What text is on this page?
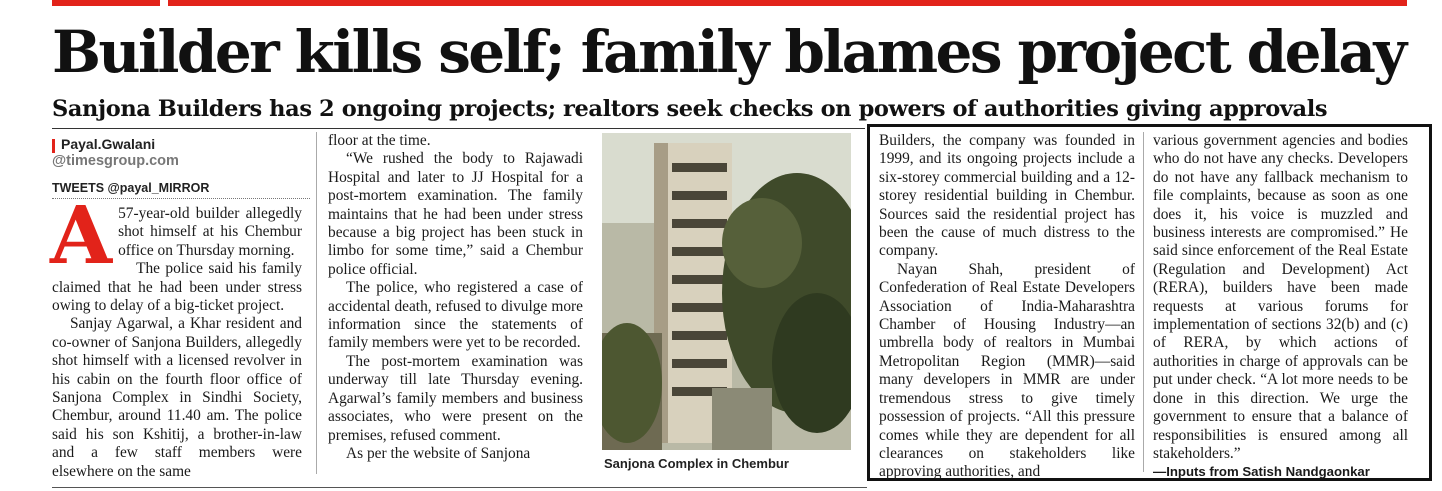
Builder kills self; family blames project delay
Sanjona Builders has 2 ongoing projects; realtors seek checks on powers of authorities giving approvals
Payal.Gwalani
@timesgroup.com
TWEETS @payal_MIRROR
A 57-year-old builder allegedly shot himself at his Chembur office on Thursday morning.

The police said his family claimed that he had been under stress owing to delay of a big-ticket project.

Sanjay Agarwal, a Khar resident and co-owner of Sanjona Builders, allegedly shot himself with a licensed revolver in his cabin on the fourth floor office of Sanjona Complex in Sindhi Society, Chembur, around 11.40 am. The police said his son Kshitij, a brother-in-law and a few staff members were elsewhere on the same

floor at the time.

“We rushed the body to Rajawadi Hospital and later to JJ Hospital for a post-mortem examination. The family maintains that he had been under stress because a big project has been stuck in limbo for some time,” said a Chembur police official.

The police, who registered a case of accidental death, refused to divulge more information since the statements of family members were yet to be recorded.

The post-mortem examination was underway till late Thursday evening. Agarwal’s family members and business associates, who were present on the premises, refused comment.

As per the website of Sanjona

Sanjona Complex in Chembur

Builders, the company was founded in 1999, and its ongoing projects include a six-storey commercial building and a 12-storey residential building in Chembur. Sources said the residential project has been the cause of much distress to the company.

Nayan Shah, president of Confederation of Real Estate Developers Association of India-Maharashtra Chamber of Housing Industry—an umbrella body of realtors in Mumbai Metropolitan Region (MMR)—said many developers in MMR are under tremendous stress to give timely possession of projects. “All this pressure comes while they are dependent for all clearances on stakeholders like approving authorities, and

various government agencies and bodies who do not have any checks. Developers do not have any fallback mechanism to file complaints, because as soon as one does it, his voice is muzzled and business interests are compromised.” He said since enforcement of the Real Estate (Regulation and Development) Act (RERA), builders have been made requests at various forums for implementation of sections 32(b) and (c) of RERA, by which actions of authorities in charge of approvals can be put under check. “A lot more needs to be done in this direction. We urge the government to ensure that a balance of responsibilities is ensured among all stakeholders.”

—Inputs from Satish Nandgaonkar
